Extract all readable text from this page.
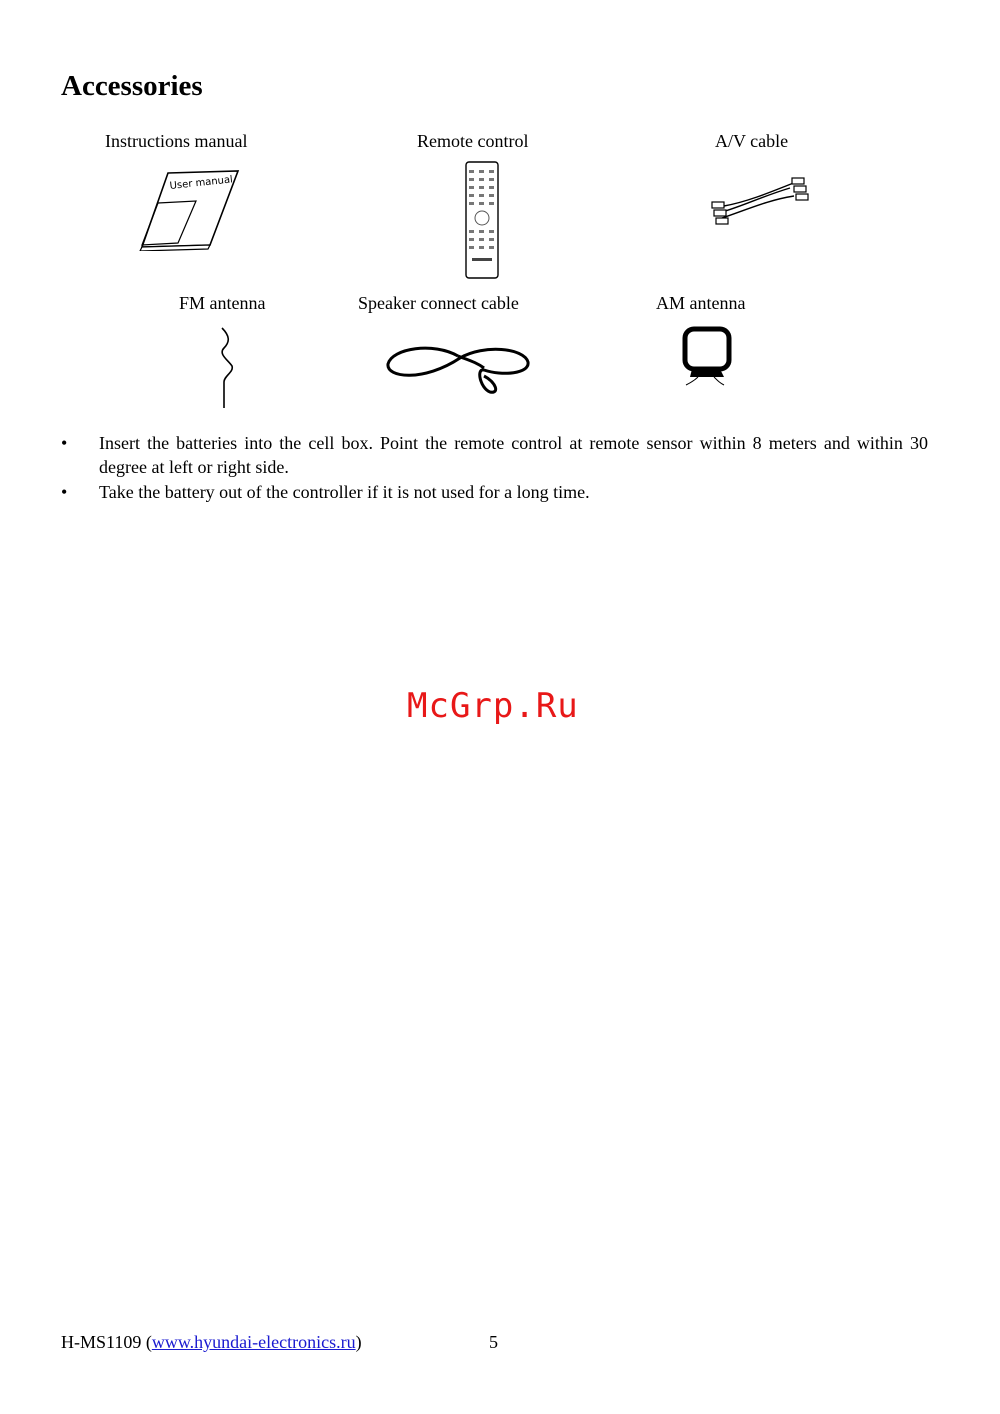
Accessories
Instructions manual	Remote control	A/V cable
User manual
FM antenna	Speaker connect cable	AM antenna
• Insert the batteries into the cell box. Point the remote control at remote sensor within 8 meters and within 30 degree at left or right side.
• Take the battery out of the controller if it is not used for a long time.
McGrp.Ru
H-MS1109 (www.hyundai-electronics.ru)	5
